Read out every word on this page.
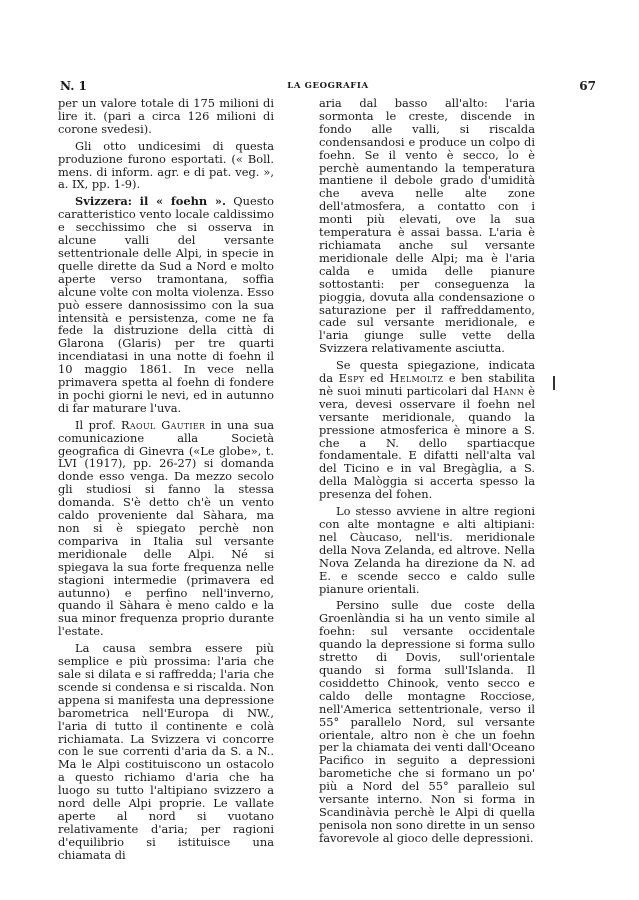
N. 1	LA GEOGRAFIA	67

per un valore totale di 175 milioni di lire it. (pari a circa 126 milioni di corone svedesi).

Gli otto undicesimi di questa produzione furono esportati. (« Boll. mens. di inform. agr. e di pat. veg. », a. IX, pp. 1-9).

Svizzera: il « foehn ». Questo caratteristico vento locale caldissimo e secchissimo che si osserva in alcune valli del versante settentrionale delle Alpi, in specie in quelle dirette da Sud a Nord e molto aperte verso tramontana, soffia alcune volte con molta violenza. Esso può essere dannosissimo con la sua intensità e persistenza, come ne fa fede la distruzione della città di Glarona (Glaris) per tre quarti incendiatasi in una notte di foehn il 10 maggio 1861. In vece nella primavera spetta al foehn di fondere in pochi giorni le nevi, ed in autunno di far maturare l'uva.

Il prof. Raoul Gautier in una sua comunicazione alla Società geografica di Ginevra («Le globe», t. LVI (1917), pp. 26-27) si domanda donde esso venga. Da mezzo secolo gli studiosi si fanno la stessa domanda. S'è detto ch'è un vento caldo proveniente dal Sàhara, ma non si è spiegato perchè non compariva in Italia sul versante meridionale delle Alpi. Né si spiegava la sua forte frequenza nelle stagioni intermedie (primavera ed autunno) e perfino nell'inverno, quando il Sàhara è meno caldo e la sua minor frequenza proprio durante l'estate.

La causa sembra essere più semplice e più prossima: l'aria che sale si dilata e si raffredda; l'aria che scende si condensa e si riscalda. Non appena si manifesta una depressione barometrica nell'Europa di NW., l'aria di tutto il continente e colà richiamata. La Svizzera vi concorre con le sue correnti d'aria da S. a N.. Ma le Alpi costituiscono un ostacolo a questo richiamo d'aria che ha luogo su tutto l'altipiano svizzero a nord delle Alpi proprie. Le vallate aperte al nord si vuotano relativamente d'aria; per ragioni d'equilibrio si istituisce una chiamata di

aria dal basso all'alto: l'aria sormonta le creste, discende in fondo alle valli, si riscalda condensandosi e produce un colpo di foehn. Se il vento è secco, lo è perchè aumentando la temperatura mantiene il debole grado d'umidità che aveva nelle alte zone dell'atmosfera, a contatto con i monti più elevati, ove la sua temperatura è assai bassa. L'aria è richiamata anche sul versante meridionale delle Alpi; ma è l'aria calda e umida delle pianure sottostanti: per conseguenza la pioggia, dovuta alla condensazione o saturazione per il raffreddamento, cade sul versante meridionale, e l'aria giunge sulle vette della Svizzera relativamente asciutta.

Se questa spiegazione, indicata da Espy ed Helmoltz e ben stabilita nè suoi minuti particolari dal Hann è vera, devesi osservare il foehn nel versante meridionale, quando la pressione atmosferica è minore a S. che a N. dello spartiacque fondamentale. E difatti nell'alta val del Ticino e in val Bregàglia, a S. della Malòggia si accerta spesso la presenza del fohen.

Lo stesso avviene in altre regioni con alte montagne e alti altipiani: nel Càucaso, nell'is. meridionale della Nova Zelanda, ed altrove. Nella Nova Zelanda ha direzione da N. ad E. e scende secco e caldo sulle pianure orientali.

Persino sulle due coste della Groenlàndia si ha un vento simile al foehn: sul versante occidentale quando la depressione si forma sullo stretto di Dovis, sull'orientale quando si forma sull'Islanda. Il cosiddetto Chinook, vento secco e caldo delle montagne Rocciose, nell'America settentrionale, verso il 55° parallelo Nord, sul versante orientale, altro non è che un foehn per la chiamata dei venti dall'Oceano Pacifico in seguito a depressioni barometiche che si formano un po' più a Nord del 55° paralleio sul versante interno. Non si forma in Scandinàvia perchè le Alpi di quella penisola non sono dirette in un senso favorevole al gioco delle depressioni.
